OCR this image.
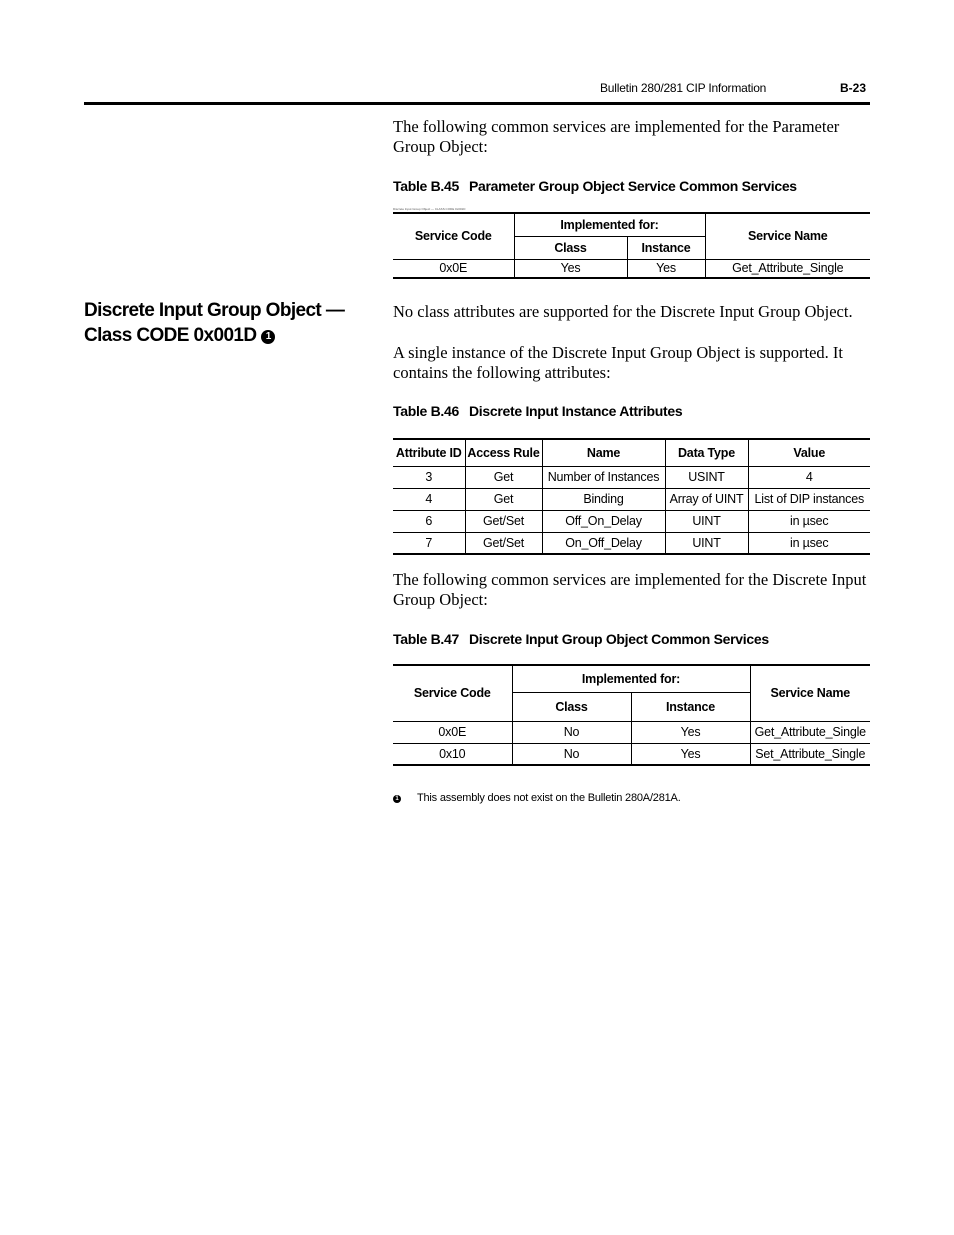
Bulletin 280/281 CIP Information	B-23
The following common services are implemented for the Parameter Group Object:
Table B.45 Parameter Group Object Service Common Services
Discrete Input Group Object — CLASS CODE 0x001D
Service Code	Implemented for:		Service Name
	Class	Instance	
0x0E	Yes	Yes	Get_Attribute_Single
Discrete Input Group Object —
Class CODE 0x001D 1
No class attributes are supported for the Discrete Input Group Object.
A single instance of the Discrete Input Group Object is supported. It contains the following attributes:
Table B.46 Discrete Input Instance Attributes
Attribute ID	Access Rule	Name	Data Type	Value
3	Get	Number of Instances	USINT	4
4	Get	Binding	Array of UINT	List of DIP instances
6	Get/Set	Off_On_Delay	UINT	in µsec
7	Get/Set	On_Off_Delay	UINT	in µsec
The following common services are implemented for the Discrete Input Group Object:
Table B.47 Discrete Input Group Object Common Services
Service Code	Implemented for:		Service Name
	Class	Instance	
0x0E	No	Yes	Get_Attribute_Single
0x10	No	Yes	Set_Attribute_Single
1 This assembly does not exist on the Bulletin 280A/281A.
